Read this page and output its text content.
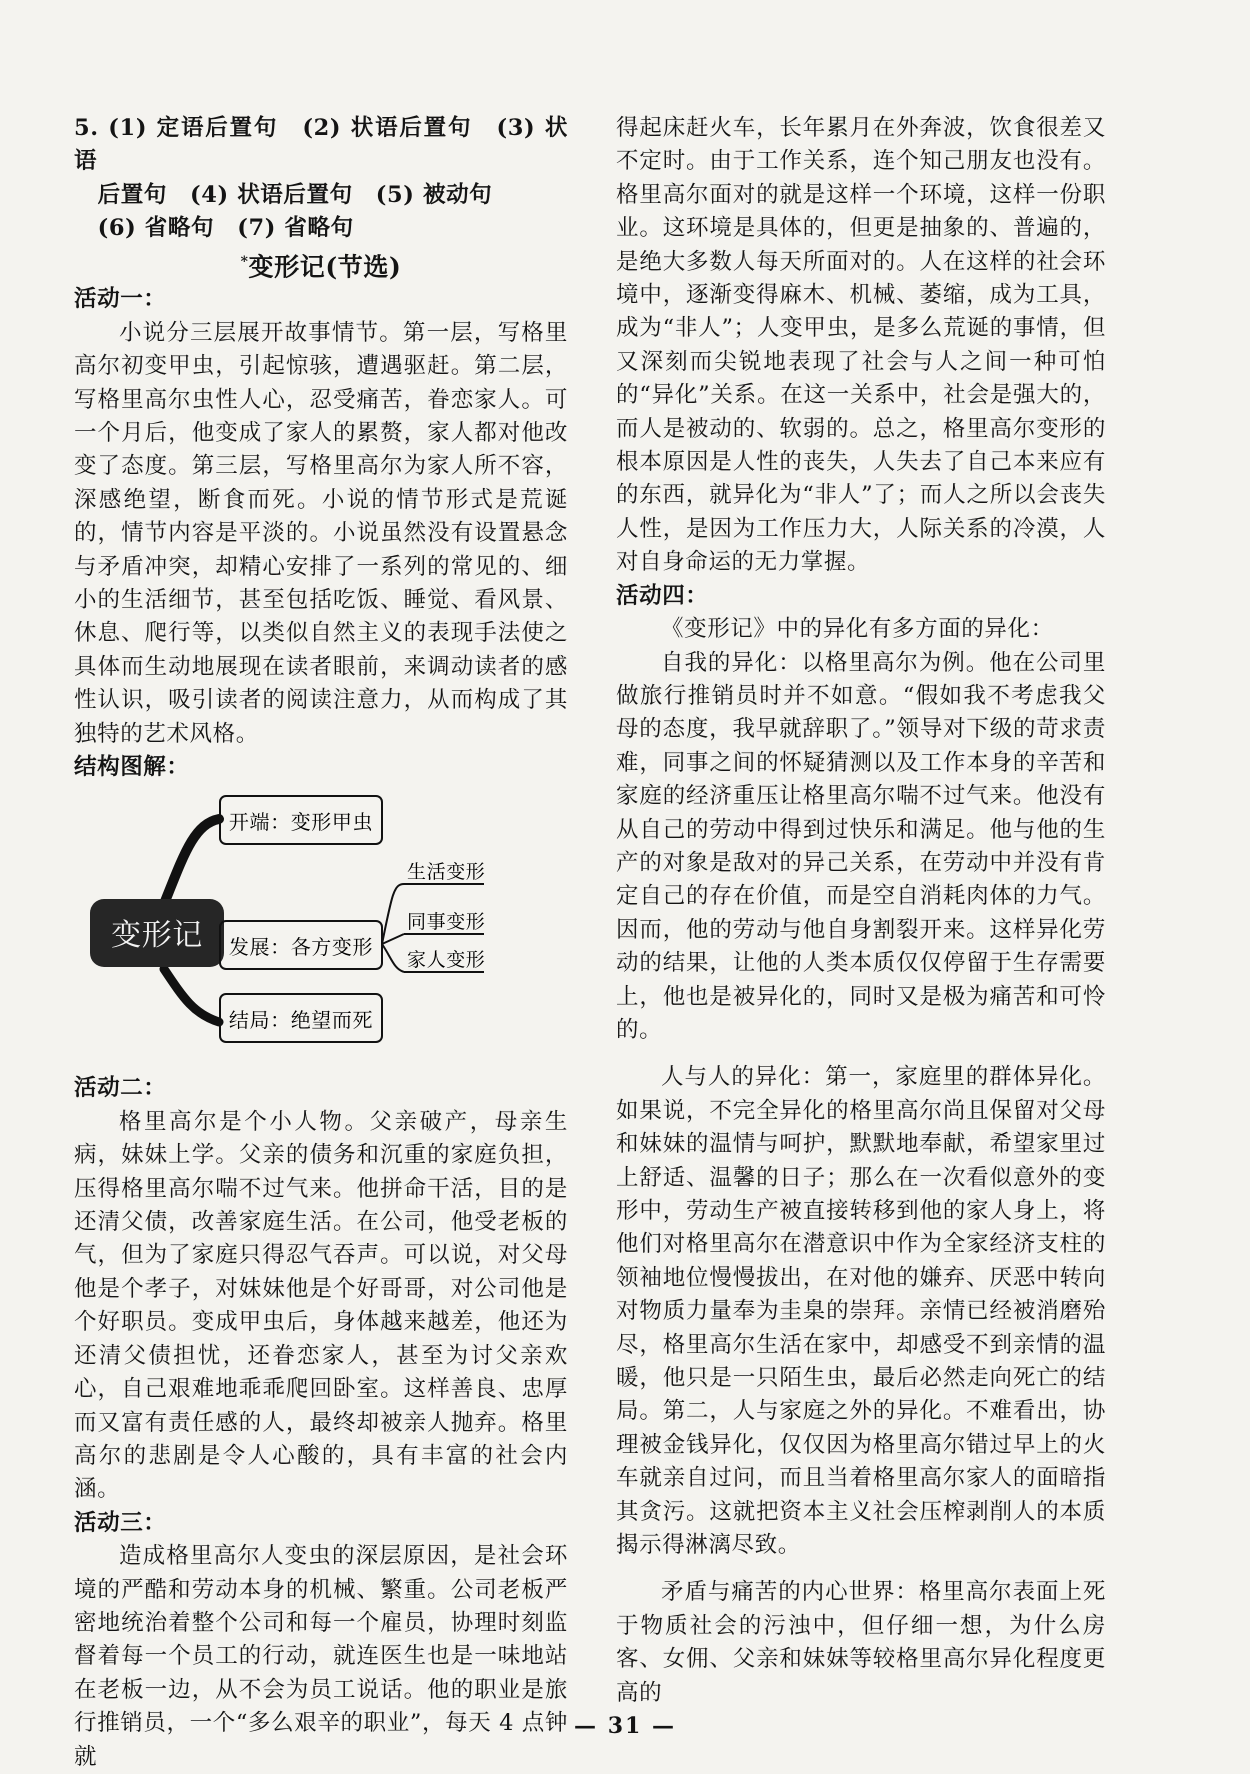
5. (1) 定语后置句　(2) 状语后置句　(3) 状语

后置句　(4) 状语后置句　(5) 被动句

(6) 省略句　(7) 省略句

*变形记(节选)

活动一：

小说分三层展开故事情节。第一层，写格里高尔初变甲虫，引起惊骇，遭遇驱赶。第二层，写格里高尔虫性人心，忍受痛苦，眷恋家人。可一个月后，他变成了家人的累赘，家人都对他改变了态度。第三层，写格里高尔为家人所不容，深感绝望，断食而死。小说的情节形式是荒诞的，情节内容是平淡的。小说虽然没有设置悬念与矛盾冲突，却精心安排了一系列的常见的、细小的生活细节，甚至包括吃饭、睡觉、看风景、休息、爬行等，以类似自然主义的表现手法使之具体而生动地展现在读者眼前，来调动读者的感性认识，吸引读者的阅读注意力，从而构成了其独特的艺术风格。

结构图解：

变形记
开端：变形甲虫
发展：各方变形
结局：绝望而死
生活变形
同事变形
家人变形

活动二：

格里高尔是个小人物。父亲破产，母亲生病，妹妹上学。父亲的债务和沉重的家庭负担，压得格里高尔喘不过气来。他拼命干活，目的是还清父债，改善家庭生活。在公司，他受老板的气，但为了家庭只得忍气吞声。可以说，对父母他是个孝子，对妹妹他是个好哥哥，对公司他是个好职员。变成甲虫后，身体越来越差，他还为还清父债担忧，还眷恋家人，甚至为讨父亲欢心，自己艰难地乖乖爬回卧室。这样善良、忠厚而又富有责任感的人，最终却被亲人抛弃。格里高尔的悲剧是令人心酸的，具有丰富的社会内涵。

活动三：

造成格里高尔人变虫的深层原因，是社会环境的严酷和劳动本身的机械、繁重。公司老板严密地统治着整个公司和每一个雇员，协理时刻监督着每一个员工的行动，就连医生也是一味地站在老板一边，从不会为员工说话。他的职业是旅行推销员，一个“多么艰辛的职业”，每天 4 点钟就

得起床赶火车，长年累月在外奔波，饮食很差又不定时。由于工作关系，连个知己朋友也没有。格里高尔面对的就是这样一个环境，这样一份职业。这环境是具体的，但更是抽象的、普遍的，是绝大多数人每天所面对的。人在这样的社会环境中，逐渐变得麻木、机械、萎缩，成为工具，成为“非人”；人变甲虫，是多么荒诞的事情，但又深刻而尖锐地表现了社会与人之间一种可怕的“异化”关系。在这一关系中，社会是强大的，而人是被动的、软弱的。总之，格里高尔变形的根本原因是人性的丧失，人失去了自己本来应有的东西，就异化为“非人”了；而人之所以会丧失人性，是因为工作压力大，人际关系的冷漠，人对自身命运的无力掌握。

活动四：

《变形记》中的异化有多方面的异化：

自我的异化：以格里高尔为例。他在公司里做旅行推销员时并不如意。“假如我不考虑我父母的态度，我早就辞职了。”领导对下级的苛求责难，同事之间的怀疑猜测以及工作本身的辛苦和家庭的经济重压让格里高尔喘不过气来。他没有从自己的劳动中得到过快乐和满足。他与他的生产的对象是敌对的异己关系，在劳动中并没有肯定自己的存在价值，而是空自消耗肉体的力气。因而，他的劳动与他自身割裂开来。这样异化劳动的结果，让他的人类本质仅仅停留于生存需要上，他也是被异化的，同时又是极为痛苦和可怜的。

人与人的异化：第一，家庭里的群体异化。如果说，不完全异化的格里高尔尚且保留对父母和妹妹的温情与呵护，默默地奉献，希望家里过上舒适、温馨的日子；那么在一次看似意外的变形中，劳动生产被直接转移到他的家人身上，将他们对格里高尔在潜意识中作为全家经济支柱的领袖地位慢慢拔出，在对他的嫌弃、厌恶中转向对物质力量奉为圭臬的崇拜。亲情已经被消磨殆尽，格里高尔生活在家中，却感受不到亲情的温暖，他只是一只陌生虫，最后必然走向死亡的结局。第二，人与家庭之外的异化。不难看出，协理被金钱异化，仅仅因为格里高尔错过早上的火车就亲自过问，而且当着格里高尔家人的面暗指其贪污。这就把资本主义社会压榨剥削人的本质揭示得淋漓尽致。

矛盾与痛苦的内心世界：格里高尔表面上死于物质社会的污浊中，但仔细一想，为什么房客、女佣、父亲和妹妹等较格里高尔异化程度更高的

— 31 —
